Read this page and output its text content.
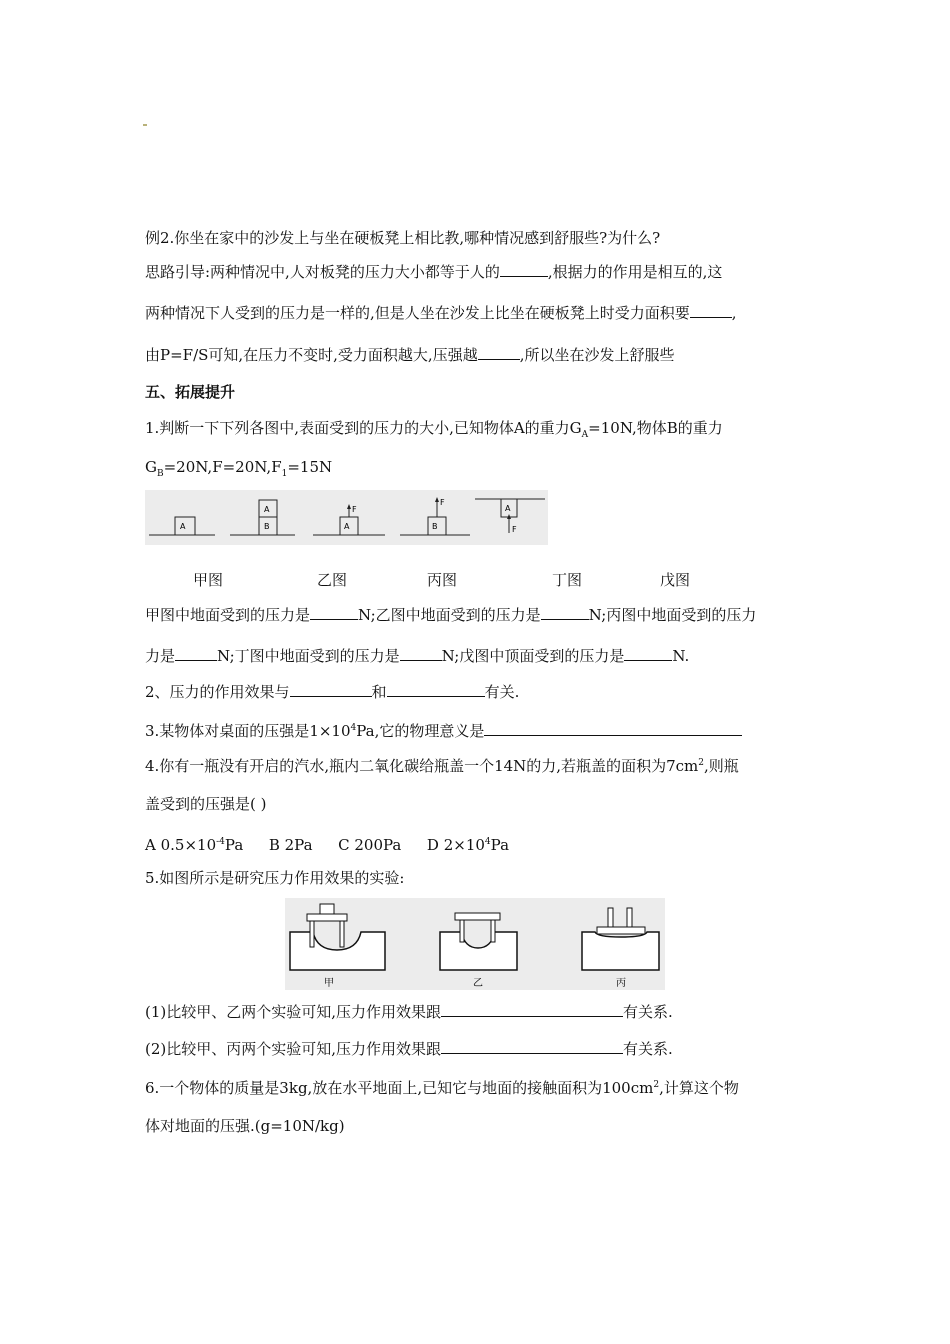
例2.你坐在家中的沙发上与坐在硬板凳上相比教,哪种情况感到舒服些?为什么?
思路引导:两种情况中,人对板凳的压力大小都等于人的	,根据力的作用是相互的,这
两种情况下人受到的压力是一样的,但是人坐在沙发上比坐在硬板凳上时受力面积要	,
由P=F/S可知,在压力不变时,受力面积越大,压强越	,所以坐在沙发上舒服些
五、拓展提升
1.判断一下下列各图中,表面受到的压力的大小,已知物体A的重力$G_A=10N$,物体B的重力
$G_B=20N,F=20N,F_1=15N$
A
A
B	A
F
B
F
A
F
甲图	乙图	丙图	丁图	戊图
甲图中地面受到的压力是	N;乙图中地面受到的压力是	N;丙图中地面受到的压力
力是	N;丁图中地面受到的压力是	N;戊图中顶面受到的压力是	N.
2、压力的作用效果与	和	有关.
3.某物体对桌面的压强是$1\times 10^4Pa$,它的物理意义是
4.你有一瓶没有开启的汽水,瓶内二氧化碳给瓶盖一个14N的力,若瓶盖的面积为$7cm^2$,则瓶
盖受到的压强是( )
A $0.5\times 10^{-4}Pa$ B 2Pa C 200Pa D $2\times 10^4Pa$
5.如图所示是研究压力作用效果的实验:
甲	乙	丙
(1)比较甲、乙两个实验可知,压力作用效果跟	有关系.
(2)比较甲、丙两个实验可知,压力作用效果跟	有关系.
6.一个物体的质量是3kg,放在水平地面上,已知它与地面的接触面积为$100cm^2$,计算这个物
体对地面的压强.(g=10N/kg)
